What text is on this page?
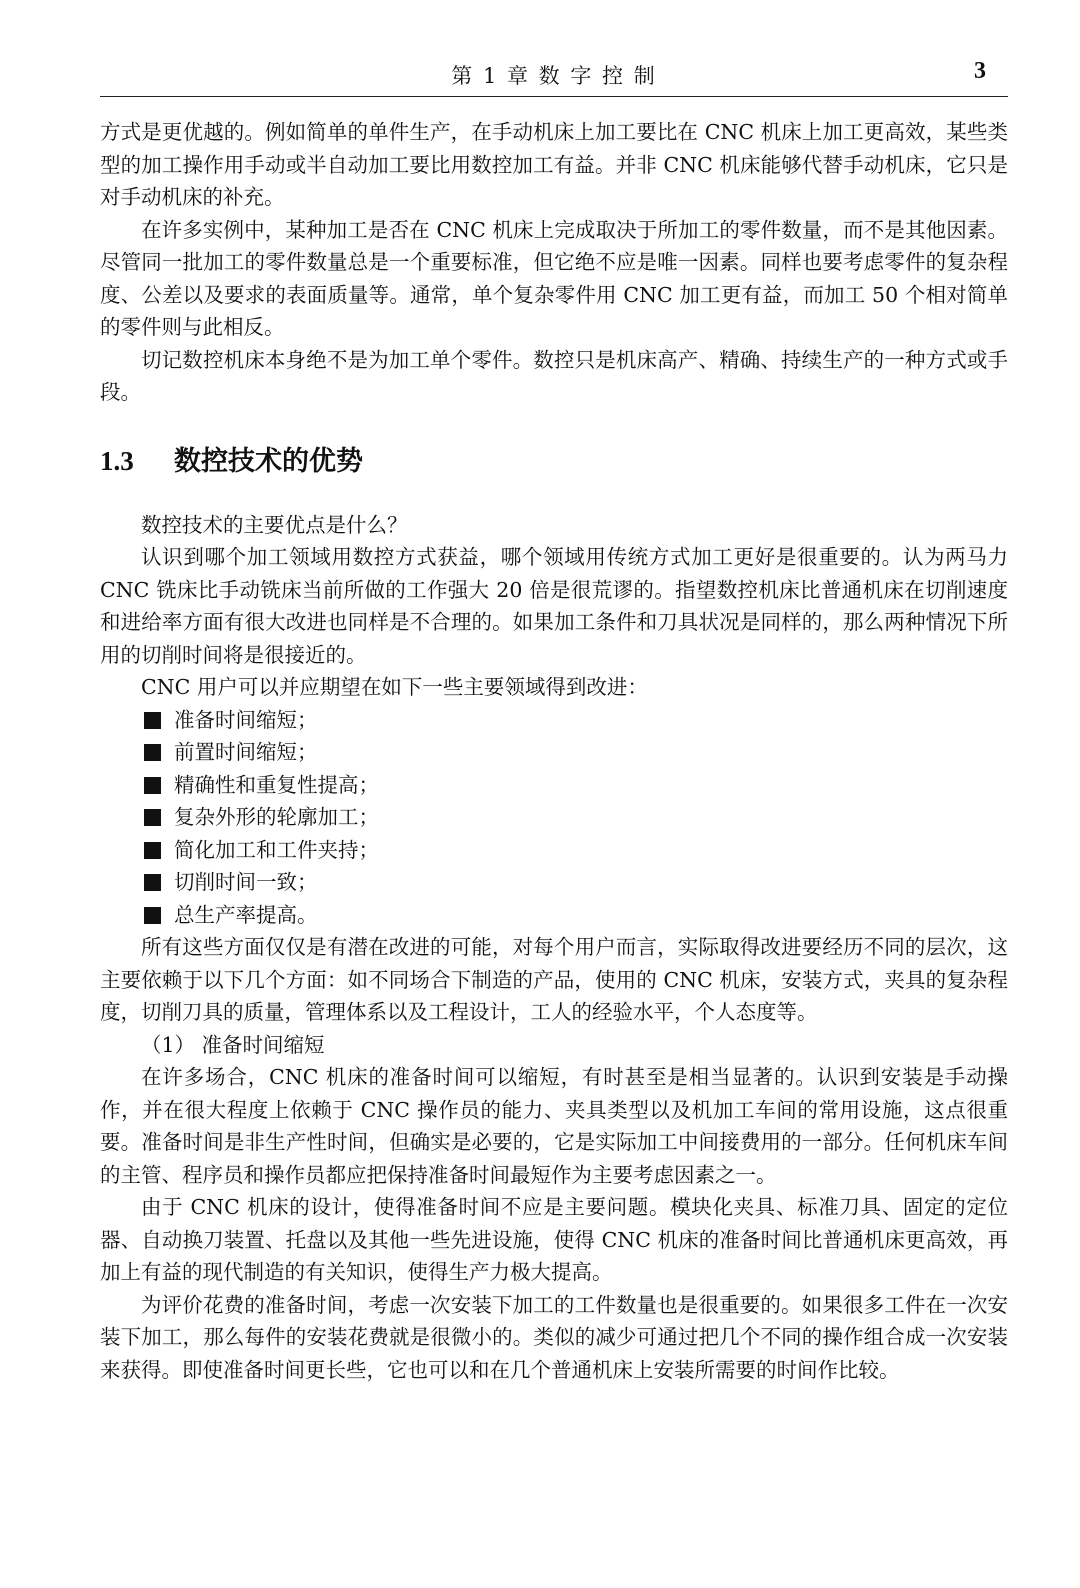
第 1 章 数 字 控 制	3

方式是更优越的。例如简单的单件生产，在手动机床上加工要比在 CNC 机床上加工更高效，某些类型的加工操作用手动或半自动加工要比用数控加工有益。并非 CNC 机床能够代替手动机床，它只是对手动机床的补充。

在许多实例中，某种加工是否在 CNC 机床上完成取决于所加工的零件数量，而不是其他因素。尽管同一批加工的零件数量总是一个重要标准，但它绝不应是唯一因素。同样也要考虑零件的复杂程度、公差以及要求的表面质量等。通常，单个复杂零件用 CNC 加工更有益，而加工 50 个相对简单的零件则与此相反。

切记数控机床本身绝不是为加工单个零件。数控只是机床高产、精确、持续生产的一种方式或手段。

1.3 数控技术的优势

数控技术的主要优点是什么？

认识到哪个加工领域用数控方式获益，哪个领域用传统方式加工更好是很重要的。认为两马力 CNC 铣床比手动铣床当前所做的工作强大 20 倍是很荒谬的。指望数控机床比普通机床在切削速度和进给率方面有很大改进也同样是不合理的。如果加工条件和刀具状况是同样的，那么两种情况下所用的切削时间将是很接近的。

CNC 用户可以并应期望在如下一些主要领域得到改进：

准备时间缩短；
前置时间缩短；
精确性和重复性提高；
复杂外形的轮廓加工；
简化加工和工件夹持；
切削时间一致；
总生产率提高。

所有这些方面仅仅是有潜在改进的可能，对每个用户而言，实际取得改进要经历不同的层次，这主要依赖于以下几个方面：如不同场合下制造的产品，使用的 CNC 机床，安装方式，夹具的复杂程度，切削刀具的质量，管理体系以及工程设计，工人的经验水平，个人态度等。

（1） 准备时间缩短

在许多场合，CNC 机床的准备时间可以缩短，有时甚至是相当显著的。认识到安装是手动操作，并在很大程度上依赖于 CNC 操作员的能力、夹具类型以及机加工车间的常用设施，这点很重要。准备时间是非生产性时间，但确实是必要的，它是实际加工中间接费用的一部分。任何机床车间的主管、程序员和操作员都应把保持准备时间最短作为主要考虑因素之一。

由于 CNC 机床的设计，使得准备时间不应是主要问题。模块化夹具、标准刀具、固定的定位器、自动换刀装置、托盘以及其他一些先进设施，使得 CNC 机床的准备时间比普通机床更高效，再加上有益的现代制造的有关知识，使得生产力极大提高。

为评价花费的准备时间，考虑一次安装下加工的工件数量也是很重要的。如果很多工件在一次安装下加工，那么每件的安装花费就是很微小的。类似的减少可通过把几个不同的操作组合成一次安装来获得。即使准备时间更长些，它也可以和在几个普通机床上安装所需要的时间作比较。
